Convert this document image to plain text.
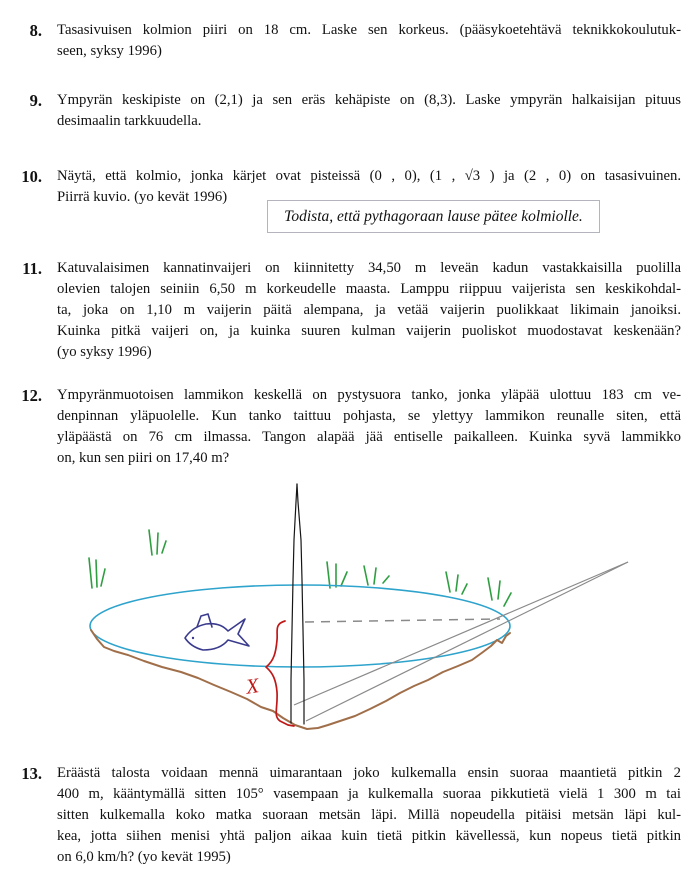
8. Tasasivuisen kolmion piiri on 18 cm. Laske sen korkeus. (pääsykoetehtävä teknikkokoulutuk-
seen, syksy 1996)
9. Ympyrän keskipiste on (2,1) ja sen eräs kehäpiste on (8,3). Laske ympyrän halkaisijan pituus
desimaalin tarkkuudella.
10. Näytä, että kolmio, jonka kärjet ovat pisteissä (0 , 0), (1 , √3 ) ja (2 , 0) on tasasivuinen.
Piirrä kuvio. (yo kevät 1996)
Todista, että pythagoraan lause pätee kolmiolle.
11. Katuvalaisimen kannatinvaijeri on kiinnitetty 34,50 m leveän kadun vastakkaisilla puolilla
olevien talojen seiniin 6,50 m korkeudelle maasta. Lamppu riippuu vaijerista sen keskikohdal-
ta, joka on 1,10 m vaijerin päitä alempana, ja vetää vaijerin puolikkaat likimain janoiksi.
Kuinka pitkä vaijeri on, ja kuinka suuren kulman vaijerin puoliskot muodostavat keskenään?
(yo syksy 1996)
12. Ympyränmuotoisen lammikon keskellä on pystysuora tanko, jonka yläpää ulottuu 183 cm ve-
denpinnan yläpuolelle. Kun tanko taittuu pohjasta, se ylettyy lammikon reunalle siten, että
yläpäästä on 76 cm ilmassa. Tangon alapää jää entiselle paikalleen. Kuinka syvä lammikko
on, kun sen piiri on 17,40 m?
X
13. Eräästä talosta voidaan mennä uimarantaan joko kulkemalla ensin suoraa maantietä pitkin 2
400 m, kääntymällä sitten 105° vasempaan ja kulkemalla suoraa pikkutietä vielä 1 300 m tai
sitten kulkemalla koko matka suoraan metsän läpi. Millä nopeudella pitäisi metsän läpi kul-
kea, jotta siihen menisi yhtä paljon aikaa kuin tietä pitkin kävellessä, kun nopeus tietä pitkin
on 6,0 km/h? (yo kevät 1995)
